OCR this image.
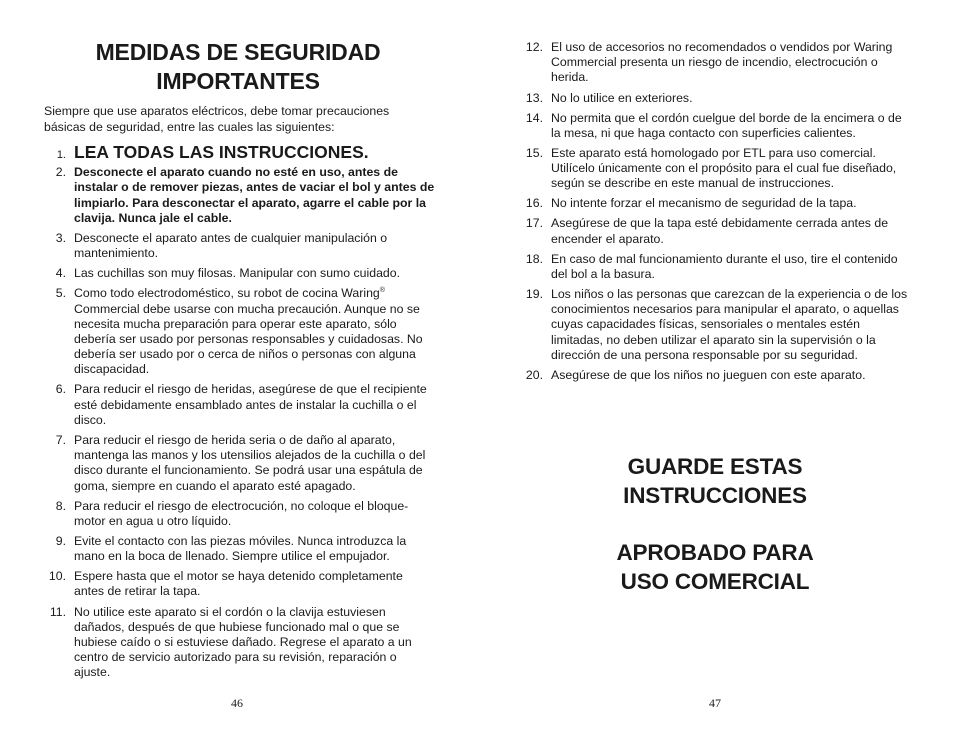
MEDIDAS DE SEGURIDAD
IMPORTANTES

Siempre que use aparatos eléctricos, debe tomar precauciones básicas de seguridad, entre las cuales las siguientes:

1. LEA TODAS LAS INSTRUCCIONES.
2. Desconecte el aparato cuando no esté en uso, antes de instalar o de remover piezas, antes de vaciar el bol y antes de limpiarlo. Para desconectar el aparato, agarre el cable por la clavija. Nunca jale el cable.
3. Desconecte el aparato antes de cualquier manipulación o mantenimiento.
4. Las cuchillas son muy filosas. Manipular con sumo cuidado.
5. Como todo electrodoméstico, su robot de cocina Waring® Commercial debe usarse con mucha precaución. Aunque no se necesita mucha preparación para operar este aparato, sólo debería ser usado por personas responsables y cuidadosas. No debería ser usado por o cerca de niños o personas con alguna discapacidad.
6. Para reducir el riesgo de heridas, asegúrese de que el recipiente esté debidamente ensamblado antes de instalar la cuchilla o el disco.
7. Para reducir el riesgo de herida seria o de daño al aparato, mantenga las manos y los utensilios alejados de la cuchilla o del disco durante el funcionamiento. Se podrá usar una espátula de goma, siempre en cuando el aparato esté apagado.
8. Para reducir el riesgo de electrocución, no coloque el bloque-motor en agua u otro líquido.
9. Evite el contacto con las piezas móviles. Nunca introduzca la mano en la boca de llenado. Siempre utilice el empujador.
10. Espere hasta que el motor se haya detenido completamente antes de retirar la tapa.
11. No utilice este aparato si el cordón o la clavija estuviesen dañados, después de que hubiese funcionado mal o que se hubiese caído o si estuviese dañado. Regrese el aparato a un centro de servicio autorizado para su revisión, reparación o ajuste.
46
12. El uso de accesorios no recomendados o vendidos por Waring Commercial presenta un riesgo de incendio, electrocución o herida.
13. No lo utilice en exteriores.
14. No permita que el cordón cuelgue del borde de la encimera o de la mesa, ni que haga contacto con superficies calientes.
15. Este aparato está homologado por ETL para uso comercial. Utilícelo únicamente con el propósito para el cual fue diseñado, según se describe en este manual de instrucciones.
16. No intente forzar el mecanismo de seguridad de la tapa.
17. Asegúrese de que la tapa esté debidamente cerrada antes de encender el aparato.
18. En caso de mal funcionamiento durante el uso, tire el contenido del bol a la basura.
19. Los niños o las personas que carezcan de la experiencia o de los conocimientos necesarios para manipular el aparato, o aquellas cuyas capacidades físicas, sensoriales o mentales estén limitadas, no deben utilizar el aparato sin la supervisión o la dirección de una persona responsable por su seguridad.
20. Asegúrese de que los niños no jueguen con este aparato.
GUARDE ESTAS
INSTRUCCIONES
APROBADO PARA
USO COMERCIAL
47
